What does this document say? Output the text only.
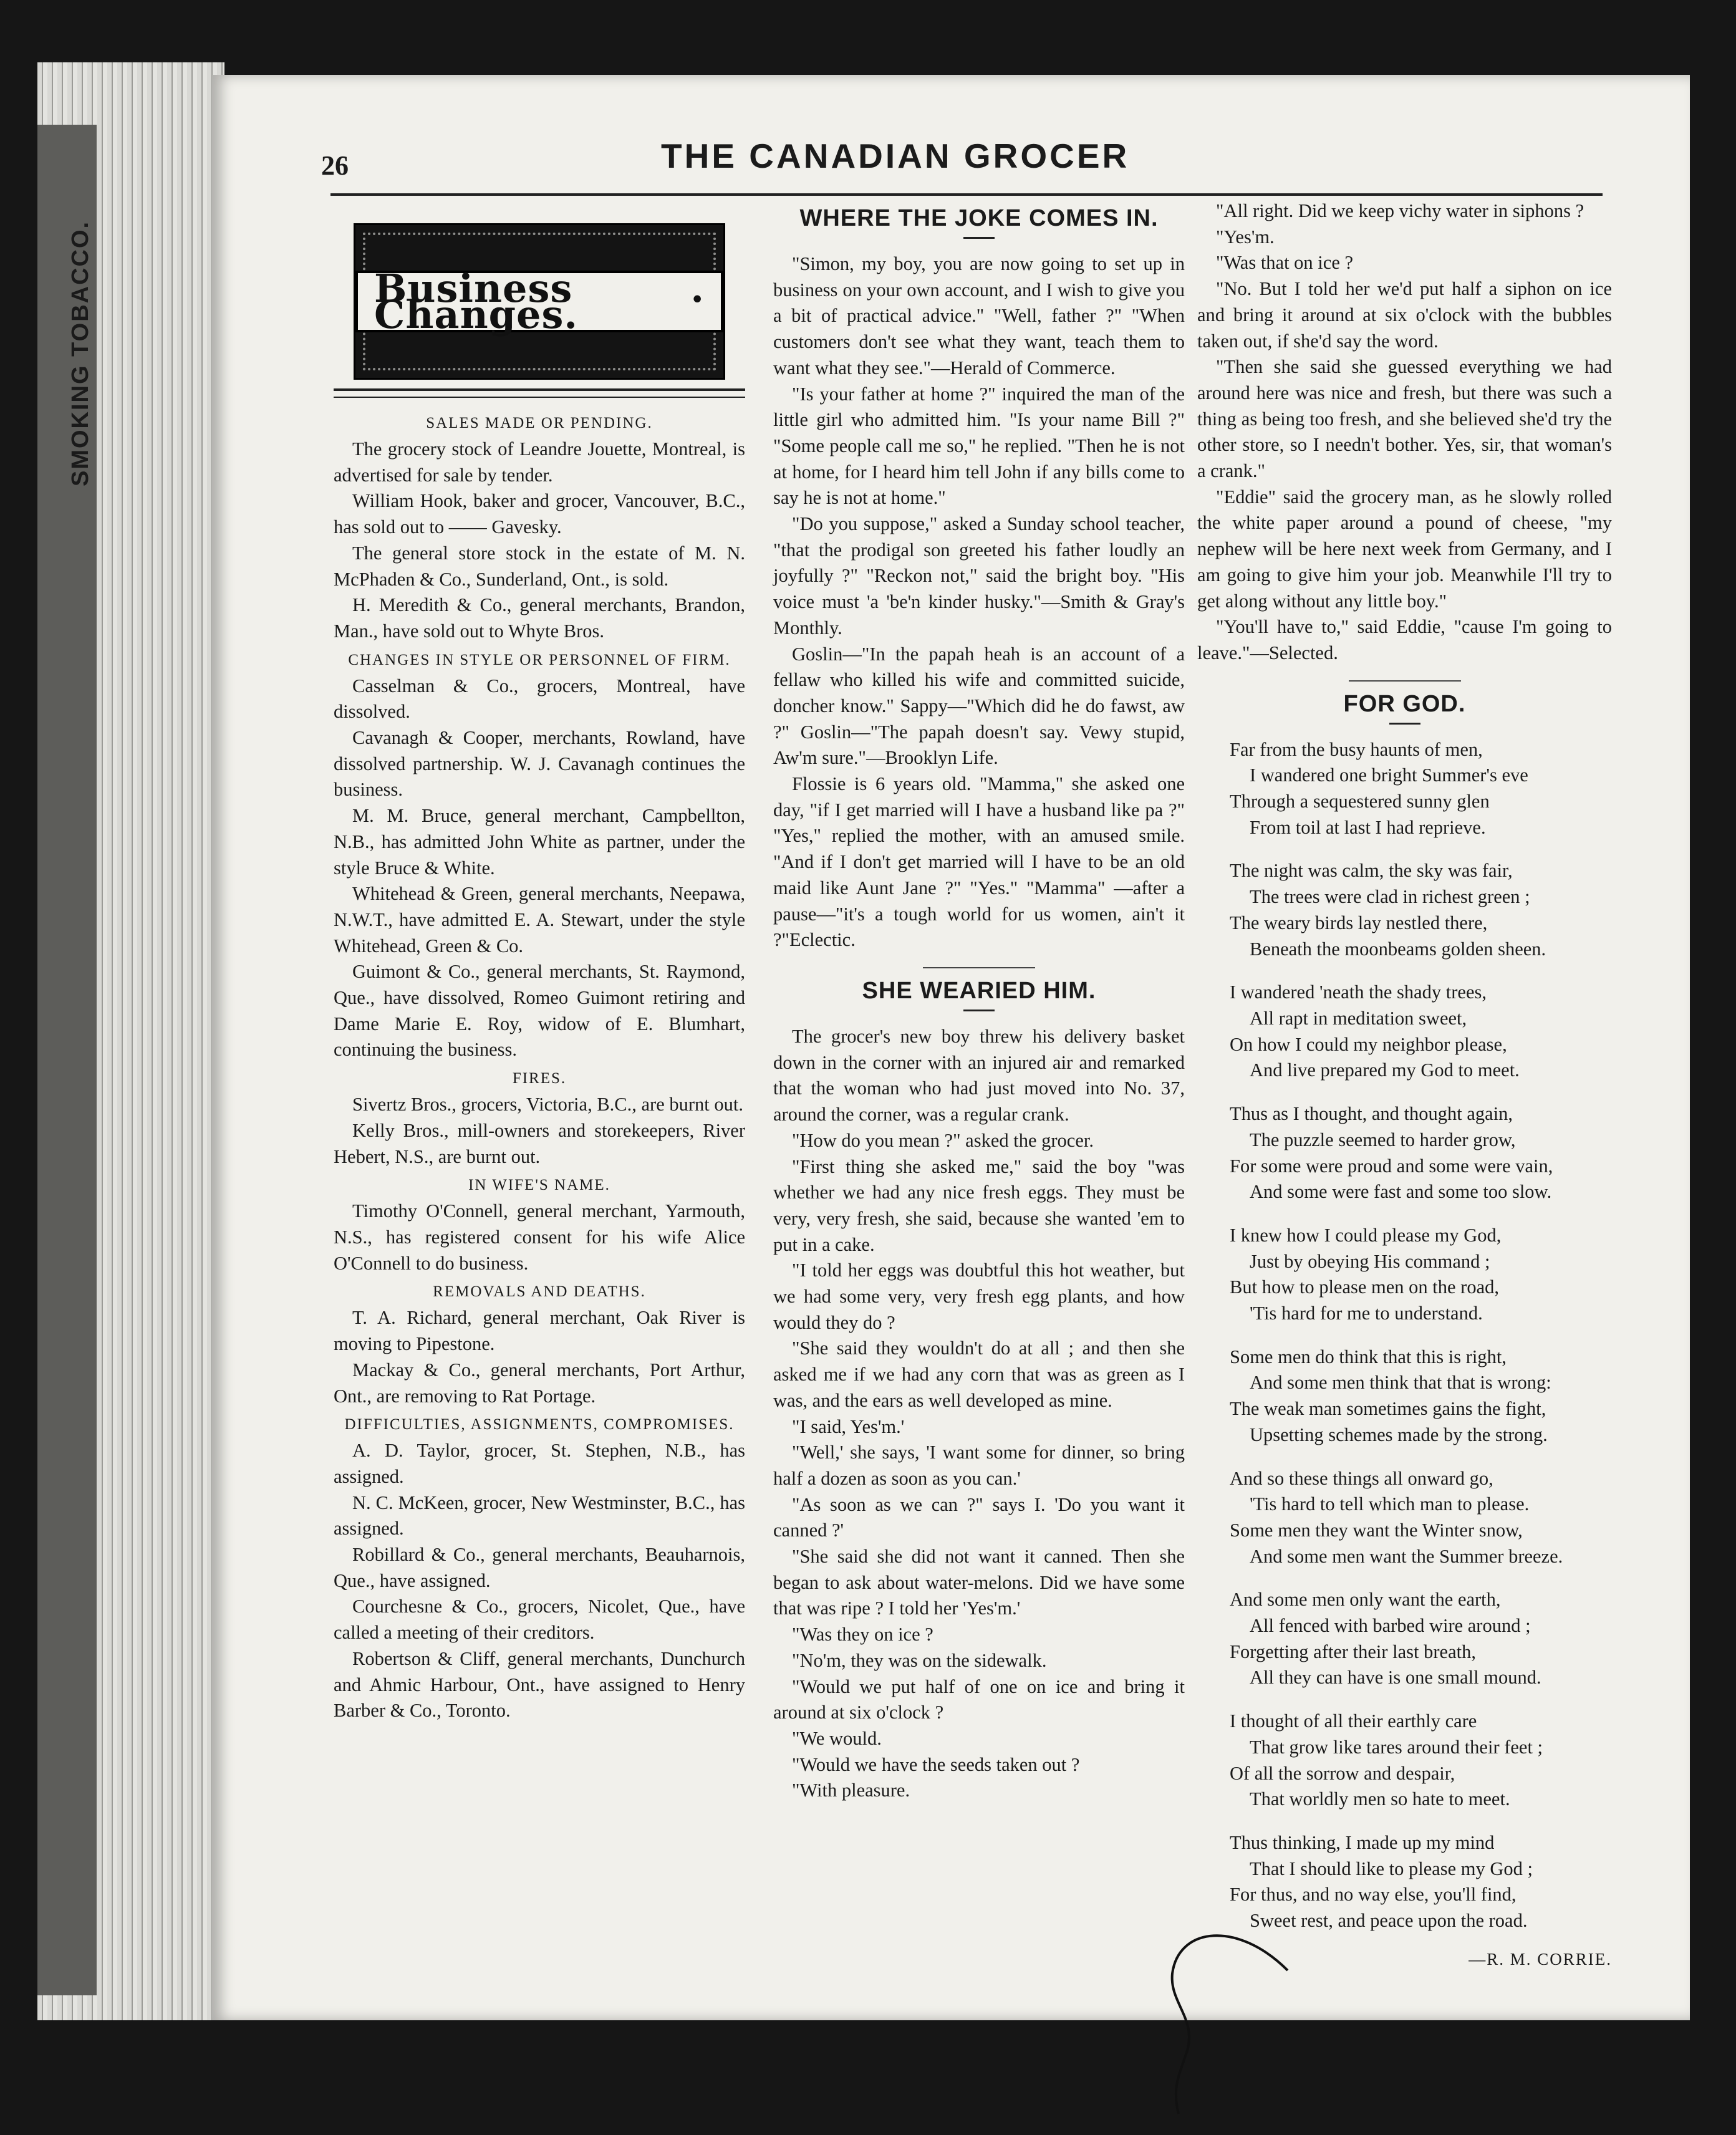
SMOKING TOBACCO.
26	THE CANADIAN GROCER
Business . Changes.
SALES MADE OR PENDING.

The grocery stock of Leandre Jouette, Montreal, is advertised for sale by tender.

William Hook, baker and grocer, Vancouver, B.C., has sold out to —— Gavesky.

The general store stock in the estate of M. N. McPhaden & Co., Sunderland, Ont., is sold.

H. Meredith & Co., general merchants, Brandon, Man., have sold out to Whyte Bros.

CHANGES IN STYLE OR PERSONNEL OF FIRM.

Casselman & Co., grocers, Montreal, have dissolved.

Cavanagh & Cooper, merchants, Rowland, have dissolved partnership. W. J. Cavanagh continues the business.

M. M. Bruce, general merchant, Campbellton, N.B., has admitted John White as partner, under the style Bruce & White.

Whitehead & Green, general merchants, Neepawa, N.W.T., have admitted E. A. Stewart, under the style Whitehead, Green & Co.

Guimont & Co., general merchants, St. Raymond, Que., have dissolved, Romeo Guimont retiring and Dame Marie E. Roy, widow of E. Blumhart, continuing the business.

FIRES.

Sivertz Bros., grocers, Victoria, B.C., are burnt out.

Kelly Bros., mill-owners and storekeepers, River Hebert, N.S., are burnt out.

IN WIFE'S NAME.

Timothy O'Connell, general merchant, Yarmouth, N.S., has registered consent for his wife Alice O'Connell to do business.

REMOVALS AND DEATHS.

T. A. Richard, general merchant, Oak River is moving to Pipestone.

Mackay & Co., general merchants, Port Arthur, Ont., are removing to Rat Portage.

DIFFICULTIES, ASSIGNMENTS, COMPROMISES.

A. D. Taylor, grocer, St. Stephen, N.B., has assigned.

N. C. McKeen, grocer, New Westminster, B.C., has assigned.

Robillard & Co., general merchants, Beauharnois, Que., have assigned.

Courchesne & Co., grocers, Nicolet, Que., have called a meeting of their creditors.

Robertson & Cliff, general merchants, Dunchurch and Ahmic Harbour, Ont., have assigned to Henry Barber & Co., Toronto.

WHERE THE JOKE COMES IN.

"Simon, my boy, you are now going to set up in business on your own account, and I wish to give you a bit of practical advice." "Well, father ?" "When customers don't see what they want, teach them to want what they see."—Herald of Commerce.

"Is your father at home ?" inquired the man of the little girl who admitted him. "Is your name Bill ?" "Some people call me so," he replied. "Then he is not at home, for I heard him tell John if any bills come to say he is not at home."

"Do you suppose," asked a Sunday school teacher, "that the prodigal son greeted his father loudly an joyfully ?" "Reckon not," said the bright boy. "His voice must 'a 'be'n kinder husky."—Smith & Gray's Monthly.

Goslin—"In the papah heah is an account of a fellaw who killed his wife and committed suicide, doncher know." Sappy—"Which did he do fawst, aw ?" Goslin—"The papah doesn't say. Vewy stupid, Aw'm sure."—Brooklyn Life.

Flossie is 6 years old. "Mamma," she asked one day, "if I get married will I have a husband like pa ?" "Yes," replied the mother, with an amused smile. "And if I don't get married will I have to be an old maid like Aunt Jane ?" "Yes." "Mamma" —after a pause—"it's a tough world for us women, ain't it ?"Eclectic.

SHE WEARIED HIM.

The grocer's new boy threw his delivery basket down in the corner with an injured air and remarked that the woman who had just moved into No. 37, around the corner, was a regular crank.

"How do you mean ?" asked the grocer.

"First thing she asked me," said the boy "was whether we had any nice fresh eggs. They must be very, very fresh, she said, because she wanted 'em to put in a cake.

"I told her eggs was doubtful this hot weather, but we had some very, very fresh egg plants, and how would they do ?

"She said they wouldn't do at all ; and then she asked me if we had any corn that was as green as I was, and the ears as well developed as mine.

"I said, Yes'm.'

"Well,' she says, 'I want some for dinner, so bring half a dozen as soon as you can.'

"As soon as we can ?" says I. 'Do you want it canned ?'

"She said she did not want it canned. Then she began to ask about water-melons. Did we have some that was ripe ? I told her 'Yes'm.'

"Was they on ice ?

"No'm, they was on the sidewalk.

"Would we put half of one on ice and bring it around at six o'clock ?

"We would.

"Would we have the seeds taken out ?

"With pleasure.

"All right. Did we keep vichy water in siphons ?

"Yes'm.

"Was that on ice ?

"No. But I told her we'd put half a siphon on ice and bring it around at six o'clock with the bubbles taken out, if she'd say the word.

"Then she said she guessed everything we had around here was nice and fresh, but there was such a thing as being too fresh, and she believed she'd try the other store, so I needn't bother. Yes, sir, that woman's a crank."

"Eddie" said the grocery man, as he slowly rolled the white paper around a pound of cheese, "my nephew will be here next week from Germany, and I am going to give him your job. Meanwhile I'll try to get along without any little boy."

"You'll have to," said Eddie, "cause I'm going to leave."—Selected.

FOR GOD.
Far from the busy haunts of men,
I wandered one bright Summer's eve
Through a sequestered sunny glen
From toil at last I had reprieve.
The night was calm, the sky was fair,
The trees were clad in richest green ;
The weary birds lay nestled there,
Beneath the moonbeams golden sheen.
I wandered 'neath the shady trees,
All rapt in meditation sweet,
On how I could my neighbor please,
And live prepared my God to meet.
Thus as I thought, and thought again,
The puzzle seemed to harder grow,
For some were proud and some were vain,
And some were fast and some too slow.
I knew how I could please my God,
Just by obeying His command ;
But how to please men on the road,
'Tis hard for me to understand.
Some men do think that this is right,
And some men think that that is wrong:
The weak man sometimes gains the fight,
Upsetting schemes made by the strong.
And so these things all onward go,
'Tis hard to tell which man to please.
Some men they want the Winter snow,
And some men want the Summer breeze.
And some men only want the earth,
All fenced with barbed wire around ;
Forgetting after their last breath,
All they can have is one small mound.
I thought of all their earthly care
That grow like tares around their feet ;
Of all the sorrow and despair,
That worldly men so hate to meet.
Thus thinking, I made up my mind
That I should like to please my God ;
For thus, and no way else, you'll find,
Sweet rest, and peace upon the road.
—R. M. CORRIE.
